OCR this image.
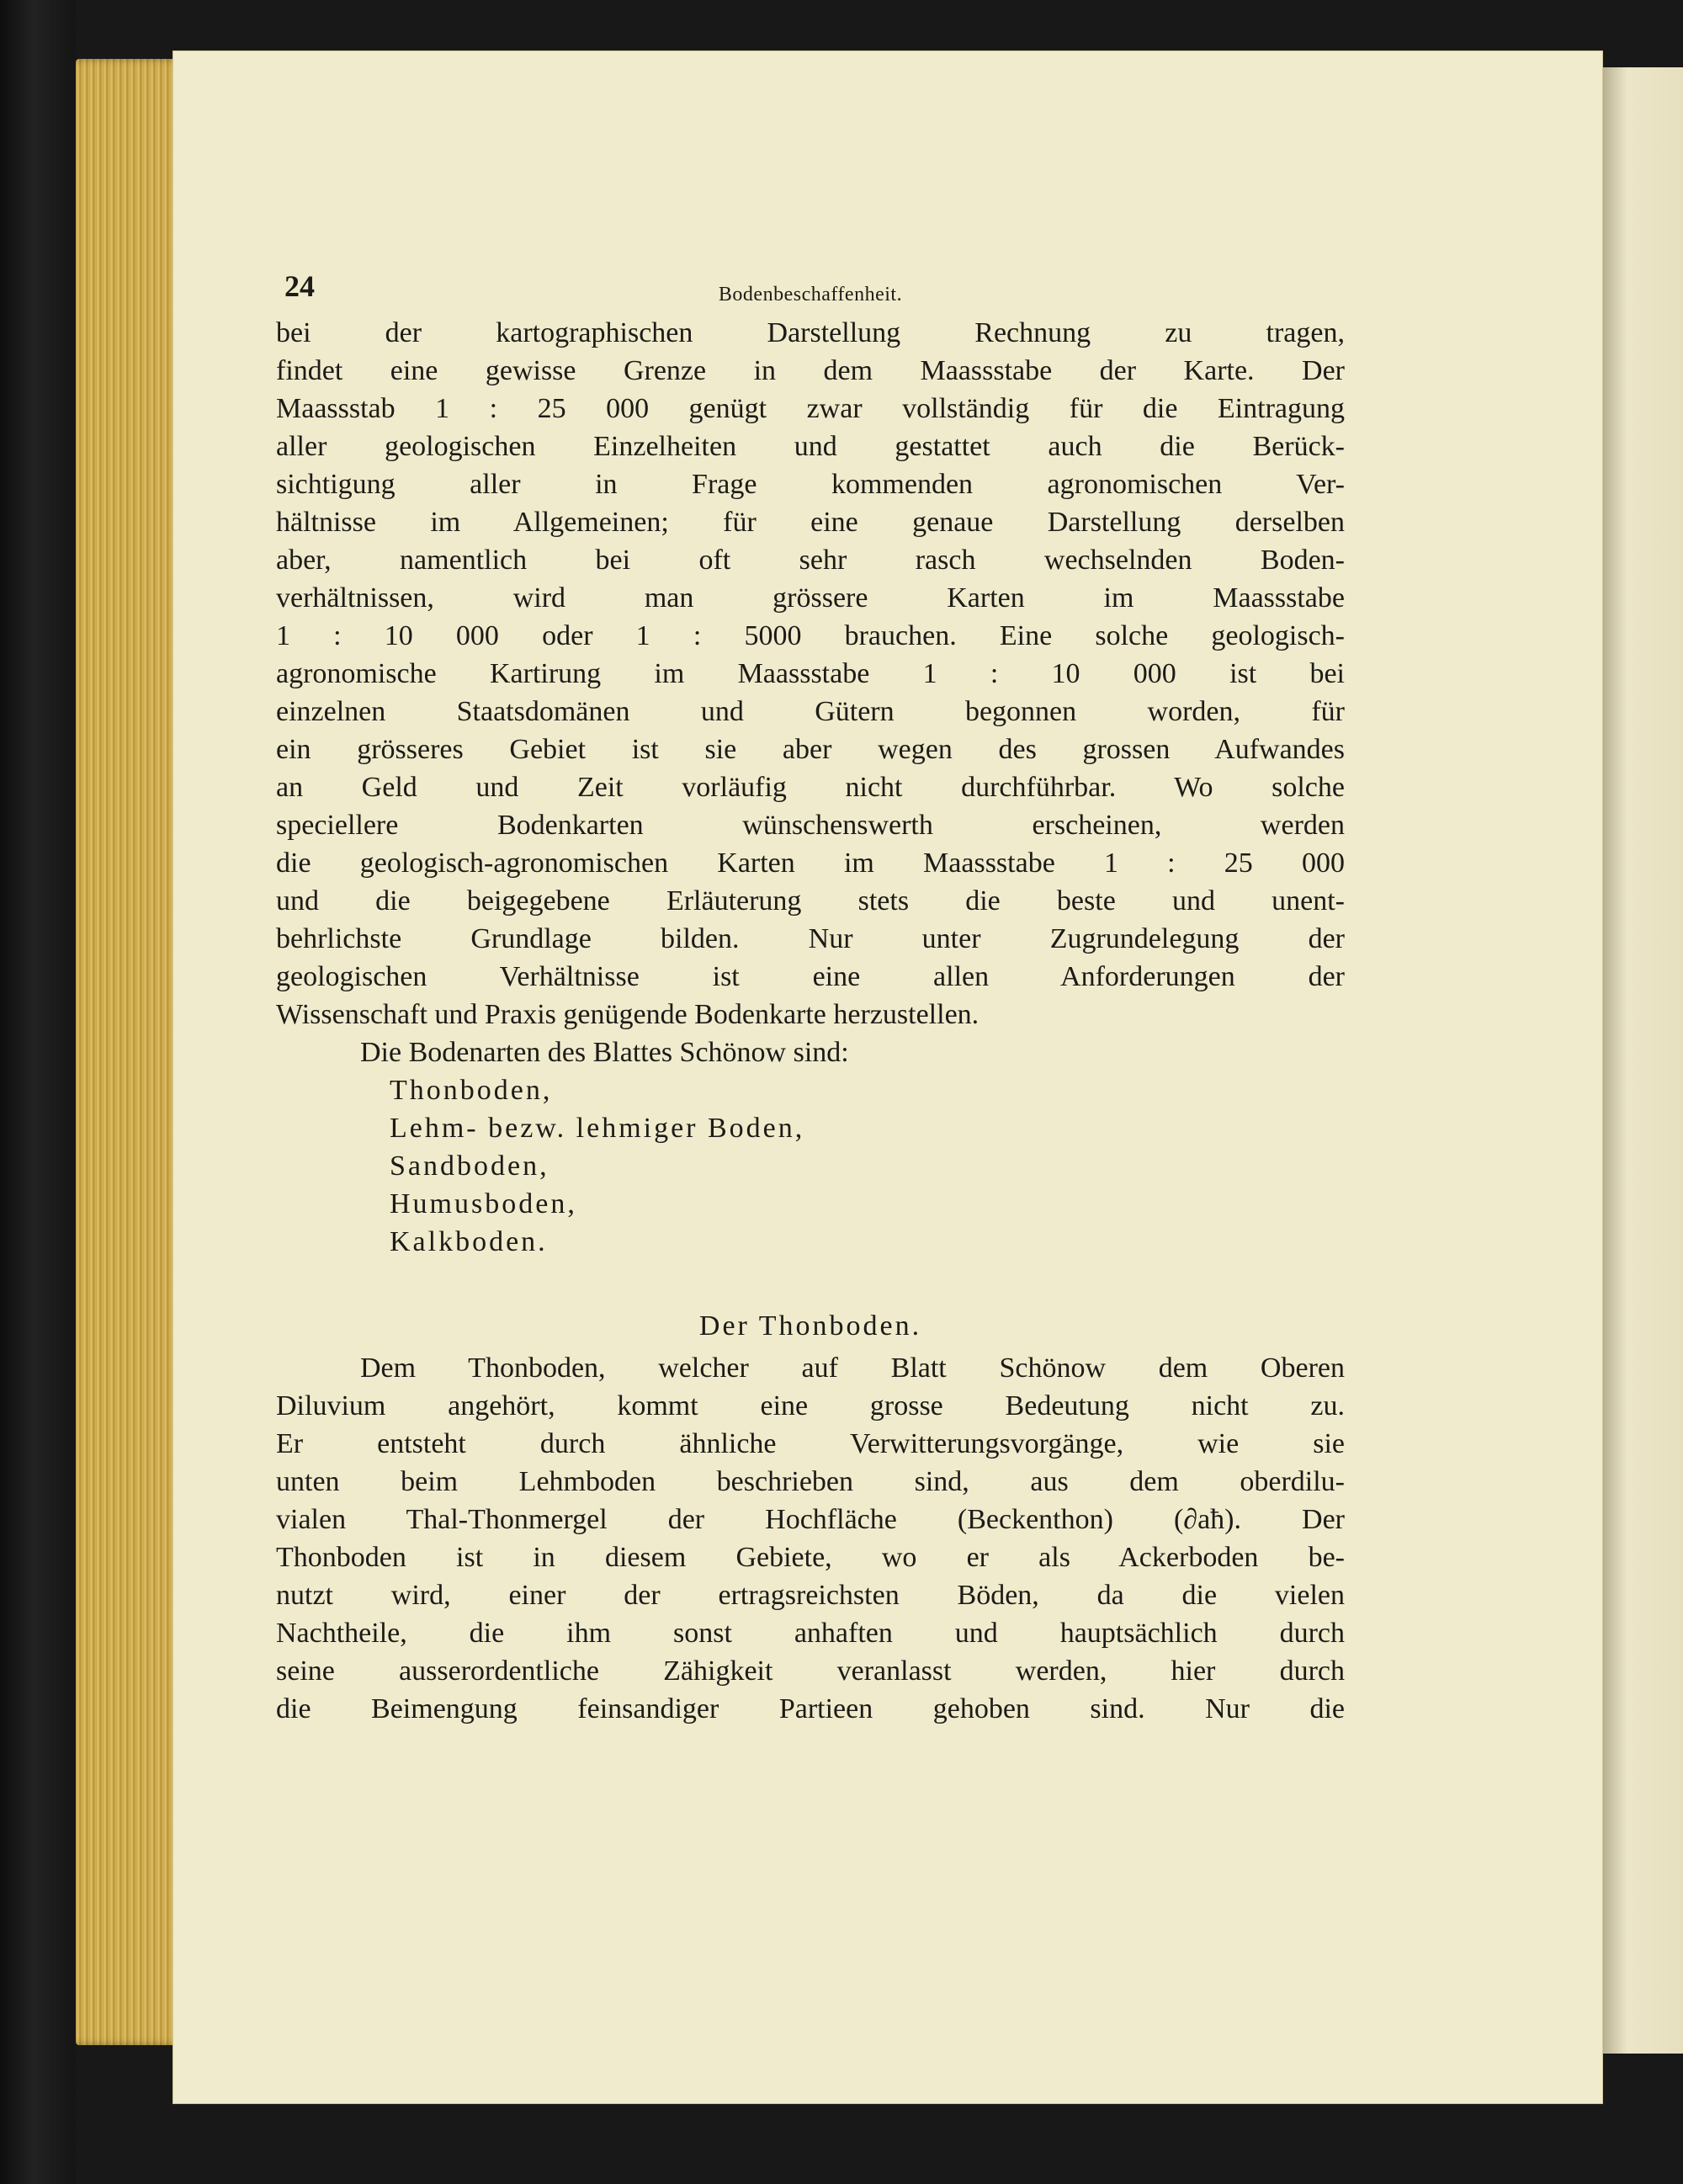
24	Bodenbeschaffenheit.
bei der kartographischen Darstellung Rechnung zu tragen,
findet eine gewisse Grenze in dem Maassstabe der Karte. Der
Maassstab 1 : 25 000 genügt zwar vollständig für die Eintragung
aller geologischen Einzelheiten und gestattet auch die Berück-
sichtigung aller in Frage kommenden agronomischen Ver-
hältnisse im Allgemeinen; für eine genaue Darstellung derselben
aber, namentlich bei oft sehr rasch wechselnden Boden-
verhältnissen, wird man grössere Karten im Maassstabe
1 : 10 000 oder 1 : 5000 brauchen. Eine solche geologisch-
agronomische Kartirung im Maassstabe 1 : 10 000 ist bei
einzelnen Staatsdomänen und Gütern begonnen worden, für
ein grösseres Gebiet ist sie aber wegen des grossen Aufwandes
an Geld und Zeit vorläufig nicht durchführbar. Wo solche
speciellere Bodenkarten wünschenswerth erscheinen, werden
die geologisch-agronomischen Karten im Maassstabe 1 : 25 000
und die beigegebene Erläuterung stets die beste und unent-
behrlichste Grundlage bilden. Nur unter Zugrundelegung der
geologischen Verhältnisse ist eine allen Anforderungen der
Wissenschaft und Praxis genügende Bodenkarte herzustellen.
Die Bodenarten des Blattes Schönow sind:
Thonboden,
Lehm- bezw. lehmiger Boden,
Sandboden,
Humusboden,
Kalkboden.
Der Thonboden.
Dem Thonboden, welcher auf Blatt Schönow dem Oberen
Diluvium angehört, kommt eine grosse Bedeutung nicht zu.
Er entsteht durch ähnliche Verwitterungsvorgänge, wie sie
unten beim Lehmboden beschrieben sind, aus dem oberdilu-
vialen Thal-Thonmergel der Hochfläche (Beckenthon) (∂aħ). Der
Thonboden ist in diesem Gebiete, wo er als Ackerboden be-
nutzt wird, einer der ertragsreichsten Böden, da die vielen
Nachtheile, die ihm sonst anhaften und hauptsächlich durch
seine ausserordentliche Zähigkeit veranlasst werden, hier durch
die Beimengung feinsandiger Partieen gehoben sind. Nur die
